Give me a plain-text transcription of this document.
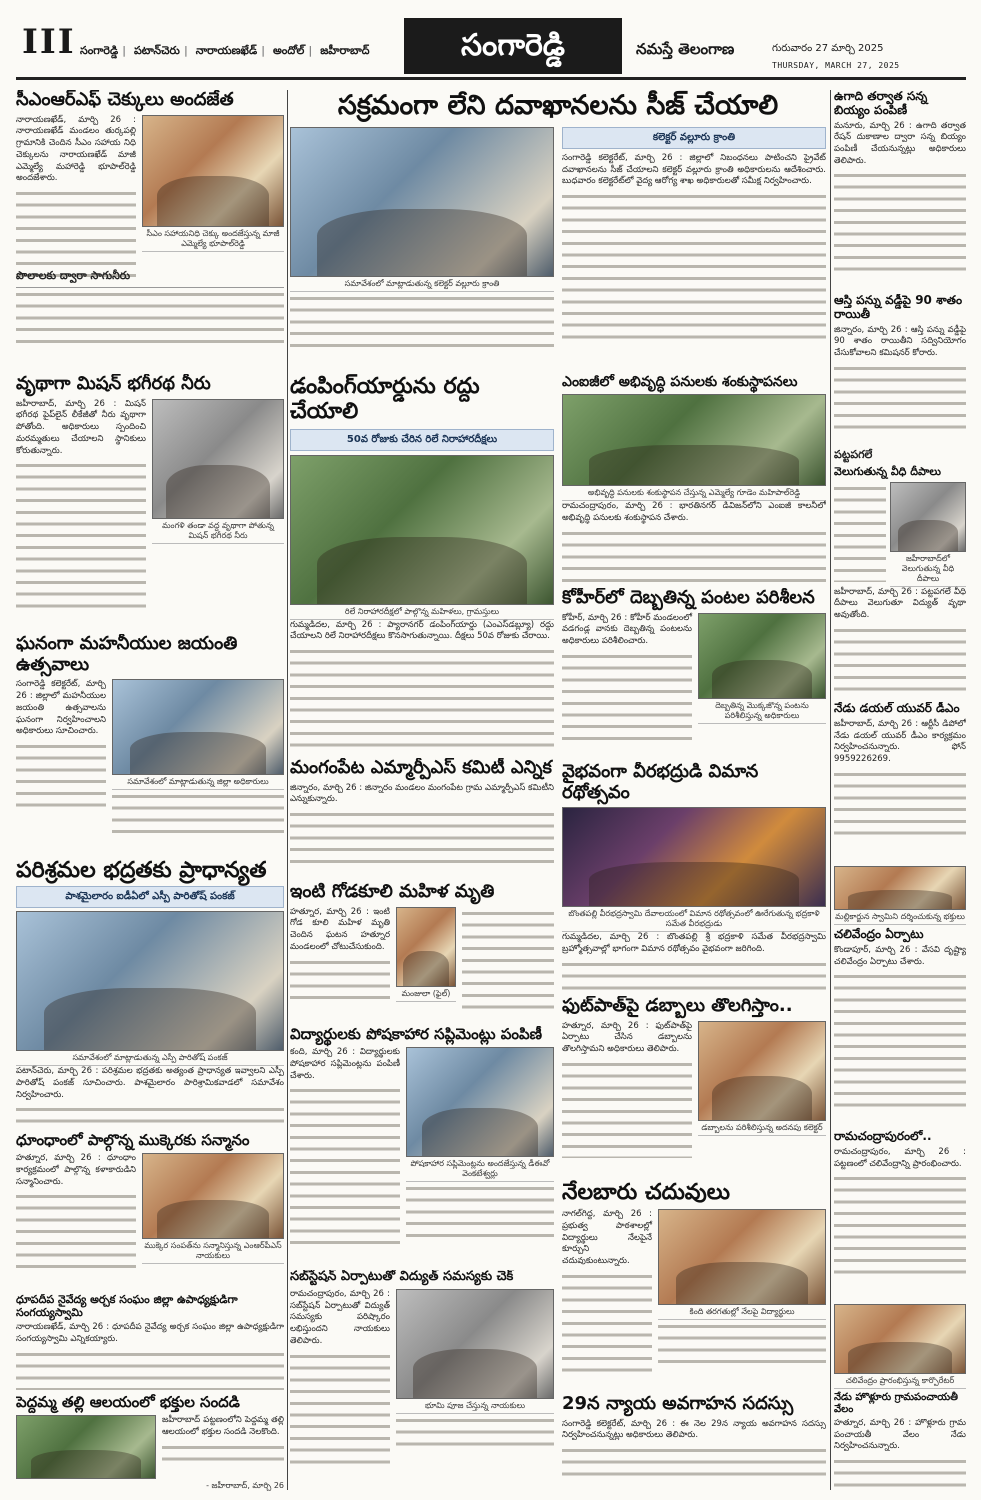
III సంగారెడ్డి | పటాన్‌చెరు | నారాయణఖేడ్ | అందోల్ | జహీరాబాద్	సంగారెడ్డి	నమస్తే తెలంగాణ	గురువారం 27 మార్చి 2025
THURSDAY, MARCH 27, 2025
సీఎంఆర్‌ఎఫ్ చెక్కులు అందజేత
నారాయణఖేడ్, మార్చి 26 : నారాయణఖేడ్ మండలం తుర్కపల్లి గ్రామానికి చెందిన సీఎం సహాయ నిధి చెక్కులను నారాయణఖేడ్ మాజీ ఎమ్మెల్యే మహారెడ్డి భూపాల్‌రెడ్డి అందజేశారు.
సీఎం సహాయనిధి చెక్కు అందజేస్తున్న మాజీ ఎమ్మెల్యే భూపాల్‌రెడ్డి
పొలాలకు ద్వారా సాగునీరు
వృథాగా మిషన్ భగీరథ నీరు
జహీరాబాద్, మార్చి 26 : మిషన్ భగీరథ పైప్‌లైన్ లీకేజీతో నీరు వృథాగా పోతోంది. అధికారులు స్పందించి మరమ్మతులు చేయాలని స్థానికులు కోరుతున్నారు.
మంగళి తండా వద్ద వృథాగా పోతున్న మిషన్ భగీరథ నీరు
ఘనంగా మహనీయుల జయంతి ఉత్సవాలు
సంగారెడ్డి కలెక్టరేట్, మార్చి 26 : జిల్లాలో మహనీయుల జయంతి ఉత్సవాలను ఘనంగా నిర్వహించాలని అధికారులు సూచించారు.
సమావేశంలో మాట్లాడుతున్న జిల్లా అధికారులు
పరిశ్రమల భద్రతకు ప్రాధాన్యత
పాశమైలారం ఐడీఏలో ఎస్పీ పారితోష్ పంకజ్
సమావేశంలో మాట్లాడుతున్న ఎస్పీ పారితోష్ పంకజ్
పటాన్‌చెరు, మార్చి 26 : పరిశ్రమల భద్రతకు అత్యంత ప్రాధాన్యత ఇవ్వాలని ఎస్పీ పారితోష్ పంకజ్ సూచించారు. పాశమైలారం పారిశ్రామికవాడలో సమావేశం నిర్వహించారు.
ధూంధాంలో పాల్గొన్న ముక్కెరకు సన్మానం
హత్నూర, మార్చి 26 : ధూంధాం కార్యక్రమంలో పాల్గొన్న కళాకారుడిని సన్మానించారు.
ముక్కెర సంపత్‌ను సన్మానిస్తున్న ఎంఆర్‌పీఎస్ నాయకులు
ధూపదీప నైవేద్య అర్చక సంఘం జిల్లా ఉపాధ్యక్షుడిగా సంగయ్యస్వామి
నారాయణఖేడ్, మార్చి 26 : ధూపదీప నైవేద్య అర్చక సంఘం జిల్లా ఉపాధ్యక్షుడిగా సంగయ్యస్వామి ఎన్నికయ్యారు.
పెద్దమ్మ తల్లి ఆలయంలో భక్తుల సందడి
జహీరాబాద్ పట్టణంలోని పెద్దమ్మ తల్లి ఆలయంలో భక్తుల సందడి నెలకొంది.
- జహీరాబాద్, మార్చి 26
సక్రమంగా లేని దవాఖానలను సీజ్ చేయాలి
సమావేశంలో మాట్లాడుతున్న కలెక్టర్ వల్లూరు క్రాంతి
కలెక్టర్ వల్లూరు క్రాంతి
సంగారెడ్డి కలెక్టరేట్, మార్చి 26 : జిల్లాలో నిబంధనలు పాటించని ప్రైవేట్ దవాఖానలను సీజ్ చేయాలని కలెక్టర్ వల్లూరు క్రాంతి అధికారులను ఆదేశించారు. బుధవారం కలెక్టరేట్‌లో వైద్య ఆరోగ్య శాఖ అధికారులతో సమీక్ష నిర్వహించారు.
డంపింగ్‌యార్డును రద్దు చేయాలి
50వ రోజుకు చేరిన రిలే నిరాహారదీక్షలు
రిలే నిరాహారదీక్షలో పాల్గొన్న మహిళలు, గ్రామస్తులు
గుమ్మడిదల, మార్చి 26 : ప్యారానగర్ డంపింగ్‌యార్డు (ఎంఎస్‌డబ్ల్యూ) రద్దు చేయాలని రిలే నిరాహారదీక్షలు కొనసాగుతున్నాయి. దీక్షలు 50వ రోజుకు చేరాయి.
మంగంపేట ఎమ్మార్పీఎస్ కమిటీ ఎన్నిక
జిన్నారం, మార్చి 26 : జిన్నారం మండలం మంగంపేట గ్రామ ఎమ్మార్పీఎస్ కమిటీని ఎన్నుకున్నారు.
ఇంటి గోడకూలి మహిళ మృతి
హత్నూర, మార్చి 26 : ఇంటి గోడ కూలి మహిళ మృతి చెందిన ఘటన హత్నూర మండలంలో చోటుచేసుకుంది.
మంజులా (ఫైల్)
విద్యార్థులకు పోషకాహార సప్లిమెంట్లు పంపిణీ
కంది, మార్చి 26 : విద్యార్థులకు పోషకాహార సప్లిమెంట్లను పంపిణీ చేశారు.
పోషకాహార సప్లిమెంట్లను అందజేస్తున్న డీఈవో వెంకటేశ్వర్లు
సబ్‌స్టేషన్ ఏర్పాటుతో విద్యుత్ సమస్యకు చెక్
రామచంద్రాపురం, మార్చి 26 : సబ్‌స్టేషన్ ఏర్పాటుతో విద్యుత్ సమస్యకు పరిష్కారం లభిస్తుందని నాయకులు తెలిపారు.
భూమి పూజ చేస్తున్న నాయకులు
ఎంఐజీలో అభివృద్ధి పనులకు శంకుస్థాపనలు
అభివృద్ధి పనులకు శంకుస్థాపన చేస్తున్న ఎమ్మెల్యే గూడెం మహిపాల్‌రెడ్డి
రామచంద్రాపురం, మార్చి 26 : భారతినగర్ డివిజన్‌లోని ఎంఐజీ కాలనీలో అభివృద్ధి పనులకు శంకుస్థాపన చేశారు.
కోహీర్‌లో దెబ్బతిన్న పంటల పరిశీలన
కోహీర్, మార్చి 26 : కోహీర్ మండలంలో వడగండ్ల వానకు దెబ్బతిన్న పంటలను అధికారులు పరిశీలించారు.
దెబ్బతిన్న మొక్కజొన్న పంటను పరిశీలిస్తున్న అధికారులు
వైభవంగా వీరభద్రుడి విమాన రథోత్సవం
బొంతపల్లి వీరభద్రస్వామి దేవాలయంలో విమాన రథోత్సవంలో ఊరేగుతున్న భద్రకాళి సమేత వీరభద్రుడు
గుమ్మడిదల, మార్చి 26 : బొంతపల్లి శ్రీ భద్రకాళి సమేత వీరభద్రస్వామి బ్రహ్మోత్సవాల్లో భాగంగా విమాన రథోత్సవం వైభవంగా జరిగింది.
ఫుట్‌పాత్‌పై డబ్బాలు తొలగిస్తాం..
హత్నూర, మార్చి 26 : ఫుట్‌పాత్‌పై ఏర్పాటు చేసిన డబ్బాలను తొలగిస్తామని అధికారులు తెలిపారు.
డబ్బాలను పరిశీలిస్తున్న అదనపు కలెక్టర్
నేలబారు చదువులు
నాగల్‌గిద్ద, మార్చి 26 : ప్రభుత్వ పాఠశాలల్లో విద్యార్థులు నేలపైనే కూర్చుని చదువుకుంటున్నారు.
కింది తరగతుల్లో నేలపై విద్యార్థులు
29న న్యాయ అవగాహన సదస్సు
సంగారెడ్డి కలెక్టరేట్, మార్చి 26 : ఈ నెల 29న న్యాయ అవగాహన సదస్సు నిర్వహించనున్నట్లు అధికారులు తెలిపారు.
ఉగాది తర్వాత సన్న బియ్యం పంపిణీ
మనూరు, మార్చి 26 : ఉగాది తర్వాత రేషన్ దుకాణాల ద్వారా సన్న బియ్యం పంపిణీ చేయనున్నట్లు అధికారులు తెలిపారు.
ఆస్తి పన్ను వడ్డీపై 90 శాతం రాయితీ
జిన్నారం, మార్చి 26 : ఆస్తి పన్ను వడ్డీపై 90 శాతం రాయితీని సద్వినియోగం చేసుకోవాలని కమిషనర్ కోరారు.
పట్టపగలే
వెలుగుతున్న వీధి దీపాలు
జహీరాబాద్‌లో వెలుగుతున్న వీధి దీపాలు
జహీరాబాద్, మార్చి 26 : పట్టపగలే వీధి దీపాలు వెలుగుతూ విద్యుత్ వృథా అవుతోంది.
నేడు డయల్ యువర్ డీఎం
జహీరాబాద్, మార్చి 26 : ఆర్టీసీ డిపోలో నేడు డయల్ యువర్ డీఎం కార్యక్రమం నిర్వహించనున్నారు. ఫోన్ 9959226269.
మల్లికార్జున స్వామిని దర్శించుకున్న భక్తులు
చలివేంద్రం ఏర్పాటు
కొండాపూర్, మార్చి 26 : వేసవి దృష్ట్యా చలివేంద్రం ఏర్పాటు చేశారు.
రామచంద్రాపురంలో..
రామచంద్రాపురం, మార్చి 26 : పట్టణంలో చలివేంద్రాన్ని ప్రారంభించారు.
చలివేంద్రం ప్రారంభిస్తున్న కార్పొరేటర్
నేడు హొళ్లూరు గ్రామపంచాయతీ వేలం
హత్నూర, మార్చి 26 : హొళ్లూరు గ్రామ పంచాయతీ వేలం నేడు నిర్వహించనున్నారు.
